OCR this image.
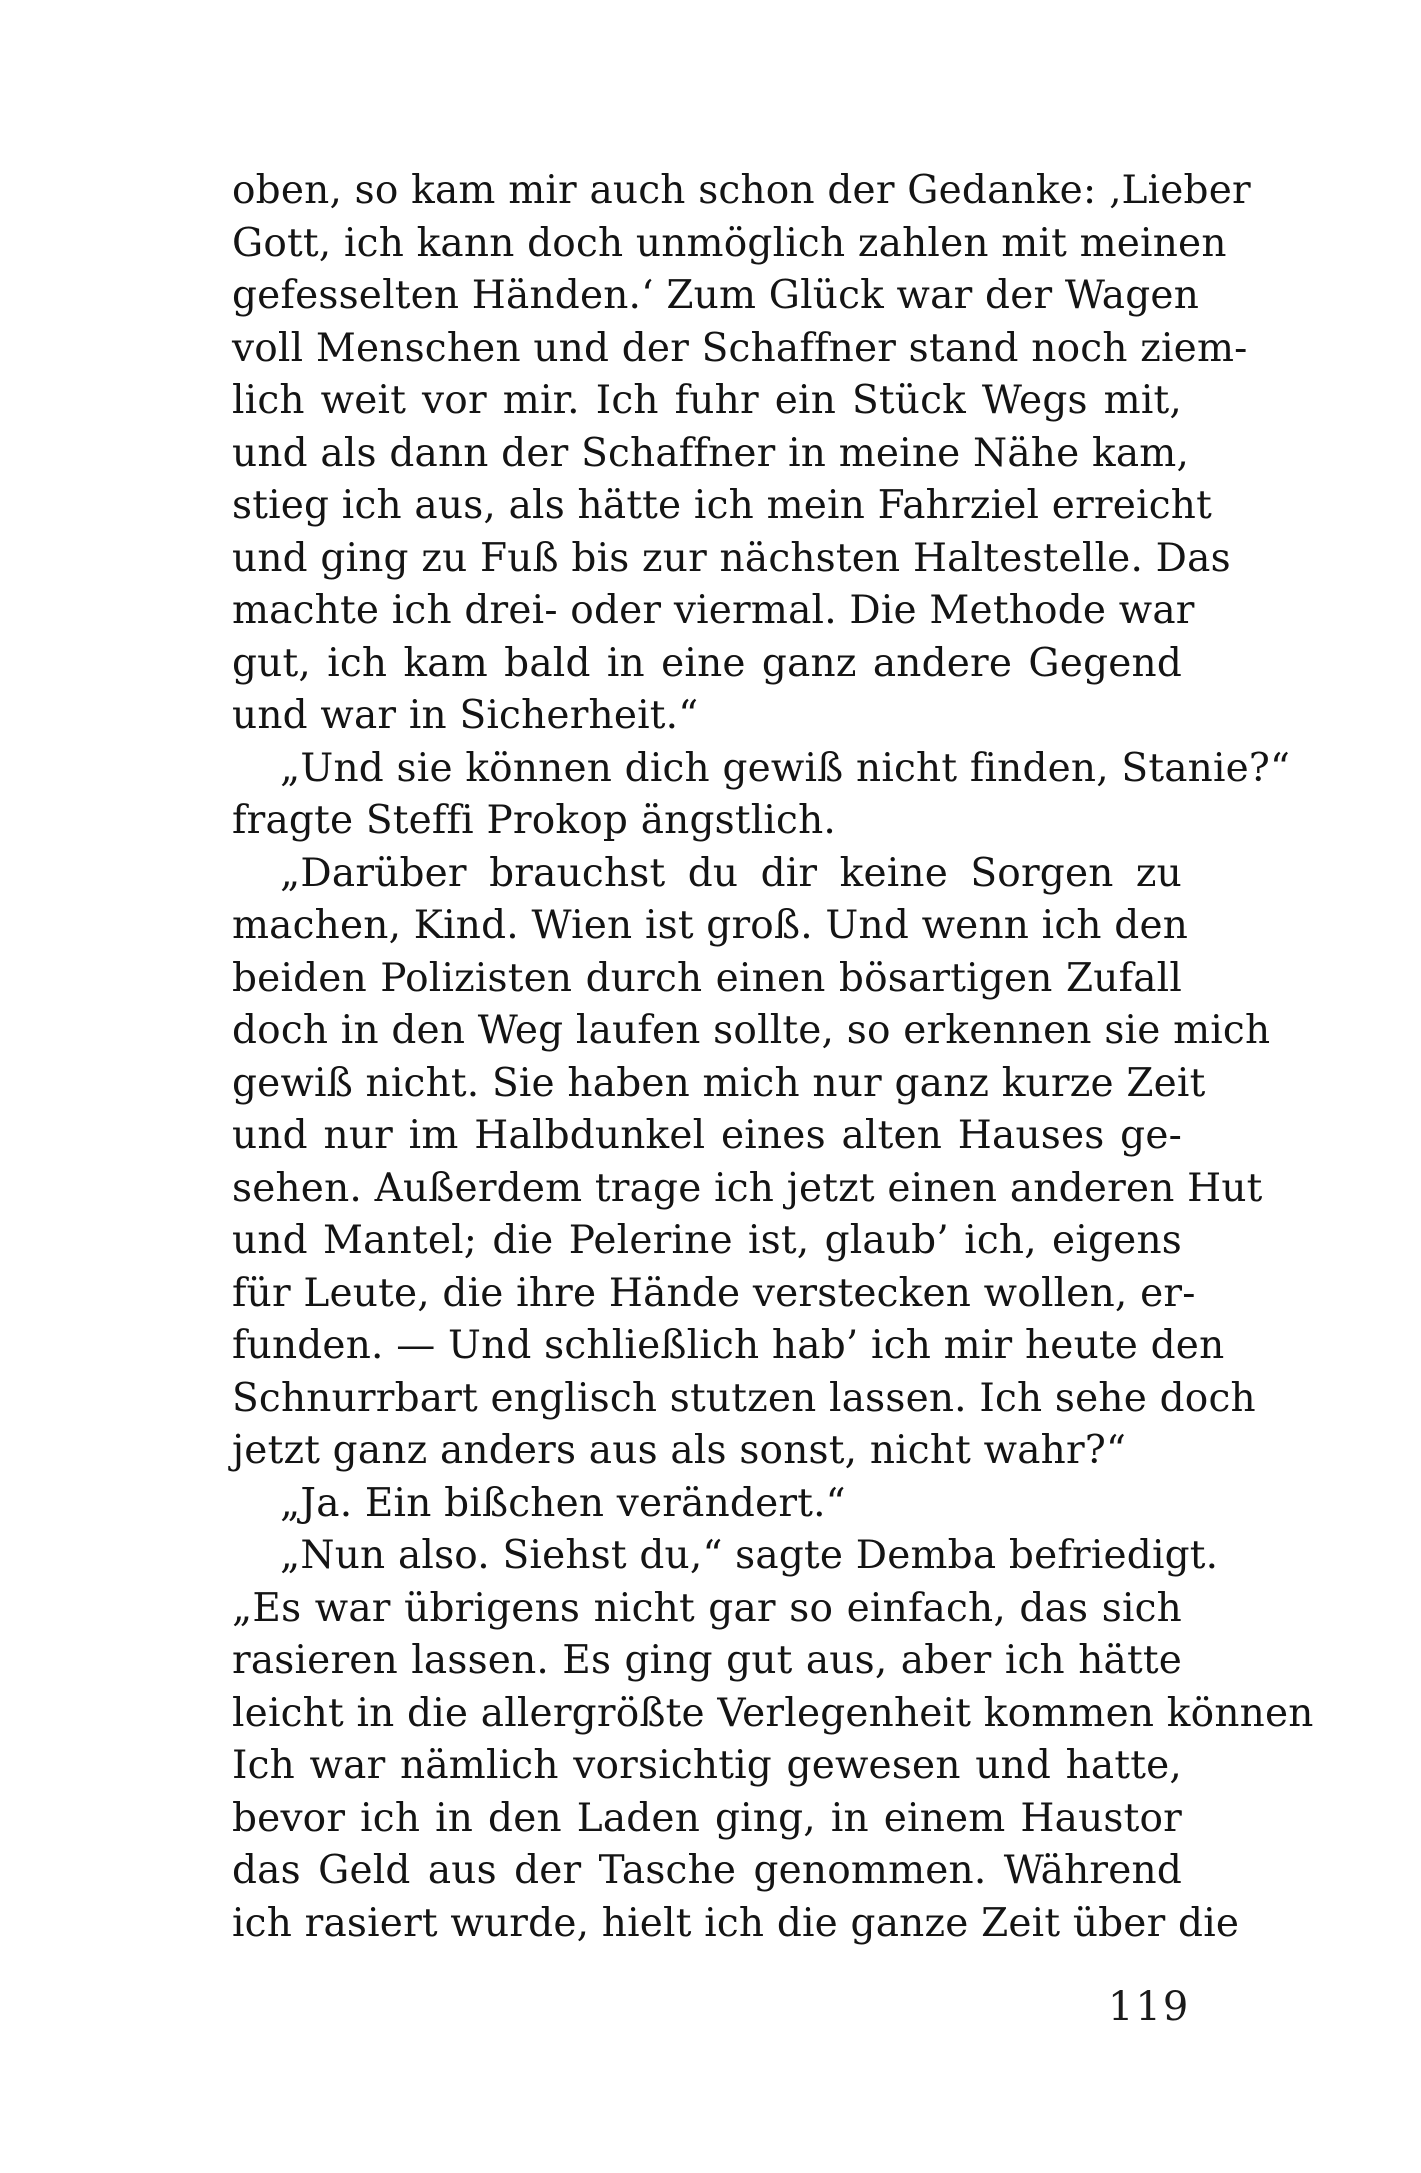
oben, so kam mir auch schon der Gedanke: ‚Lieber
Gott, ich kann doch unmöglich zahlen mit meinen
gefesselten Händen.‘ Zum Glück war der Wagen
voll Menschen und der Schaffner stand noch ziem-
lich weit vor mir. Ich fuhr ein Stück Wegs mit,
und als dann der Schaffner in meine Nähe kam,
stieg ich aus, als hätte ich mein Fahrziel erreicht
und ging zu Fuß bis zur nächsten Haltestelle. Das
machte ich drei- oder viermal. Die Methode war
gut, ich kam bald in eine ganz andere Gegend
und war in Sicherheit.“
„Und sie können dich gewiß nicht finden, Stanie?“
fragte Steffi Prokop ängstlich.
„Darüber brauchst du dir keine Sorgen zu
machen, Kind. Wien ist groß. Und wenn ich den
beiden Polizisten durch einen bösartigen Zufall
doch in den Weg laufen sollte, so erkennen sie mich
gewiß nicht. Sie haben mich nur ganz kurze Zeit
und nur im Halbdunkel eines alten Hauses ge-
sehen. Außerdem trage ich jetzt einen anderen Hut
und Mantel; die Pelerine ist, glaub’ ich, eigens
für Leute, die ihre Hände verstecken wollen, er-
funden. — Und schließlich hab’ ich mir heute den
Schnurrbart englisch stutzen lassen. Ich sehe doch
jetzt ganz anders aus als sonst, nicht wahr?“
„Ja. Ein bißchen verändert.“
„Nun also. Siehst du,“ sagte Demba befriedigt.
„Es war übrigens nicht gar so einfach, das sich
rasieren lassen. Es ging gut aus, aber ich hätte
leicht in die allergrößte Verlegenheit kommen können
Ich war nämlich vorsichtig gewesen und hatte,
bevor ich in den Laden ging, in einem Haustor
das Geld aus der Tasche genommen. Während
ich rasiert wurde, hielt ich die ganze Zeit über die
119
